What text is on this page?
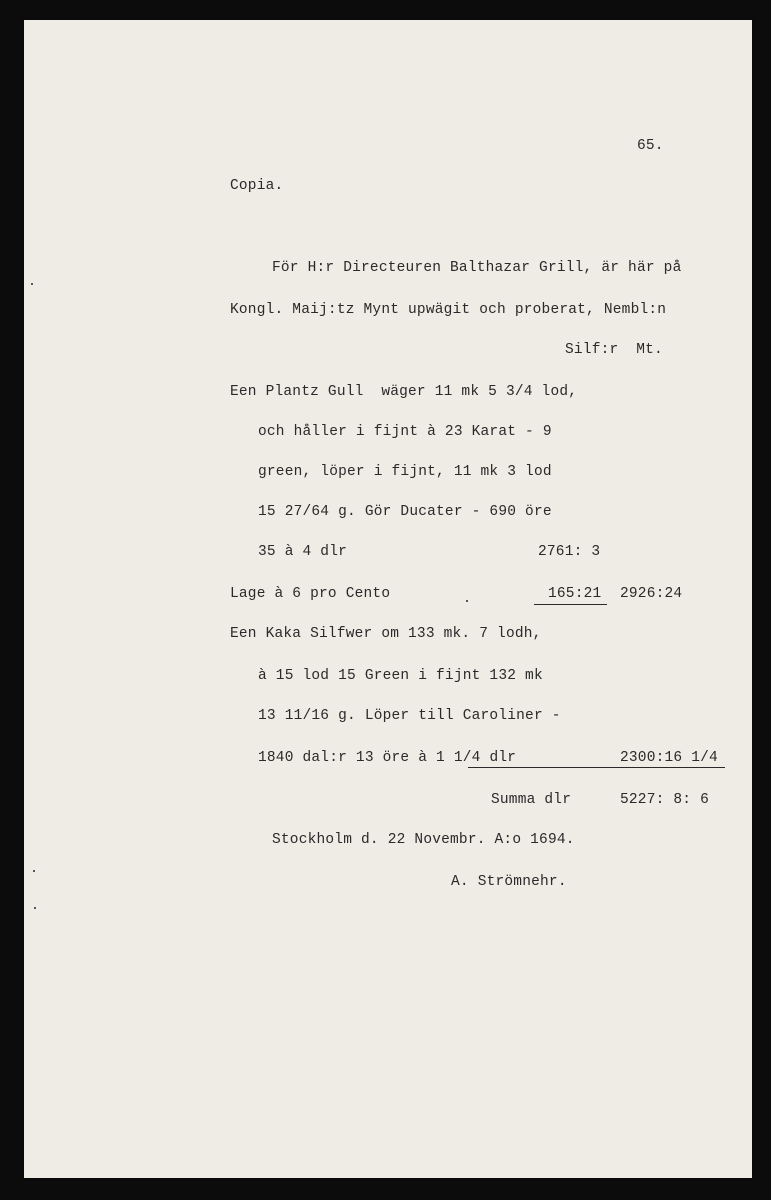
65.
Copia.
För H:r Directeuren Balthazar Grill, är här på
Kongl. Maij:tz Mynt upwägit och proberat, Nembl:n
Silf:r  Mt.
Een Plantz Gull  wäger 11 mk 5 3/4 lod,
och håller i fijnt à 23 Karat - 9
green, löper i fijnt, 11 mk 3 lod
15 27/64 g. Gör Ducater - 690 öre
35 à 4 dlr	2761: 3
Lage à 6 pro Cento	165:21	2926:24
Een Kaka Silfwer om 133 mk. 7 lodh,
à 15 lod 15 Green i fijnt 132 mk
13 11/16 g. Löper till Caroliner -
1840 dal:r 13 öre à 1 1/4 dlr	2300:16 1/4
Summa dlr	5227: 8: 6
Stockholm d. 22 Novembr. A:o 1694.
A. Strömnehr.
